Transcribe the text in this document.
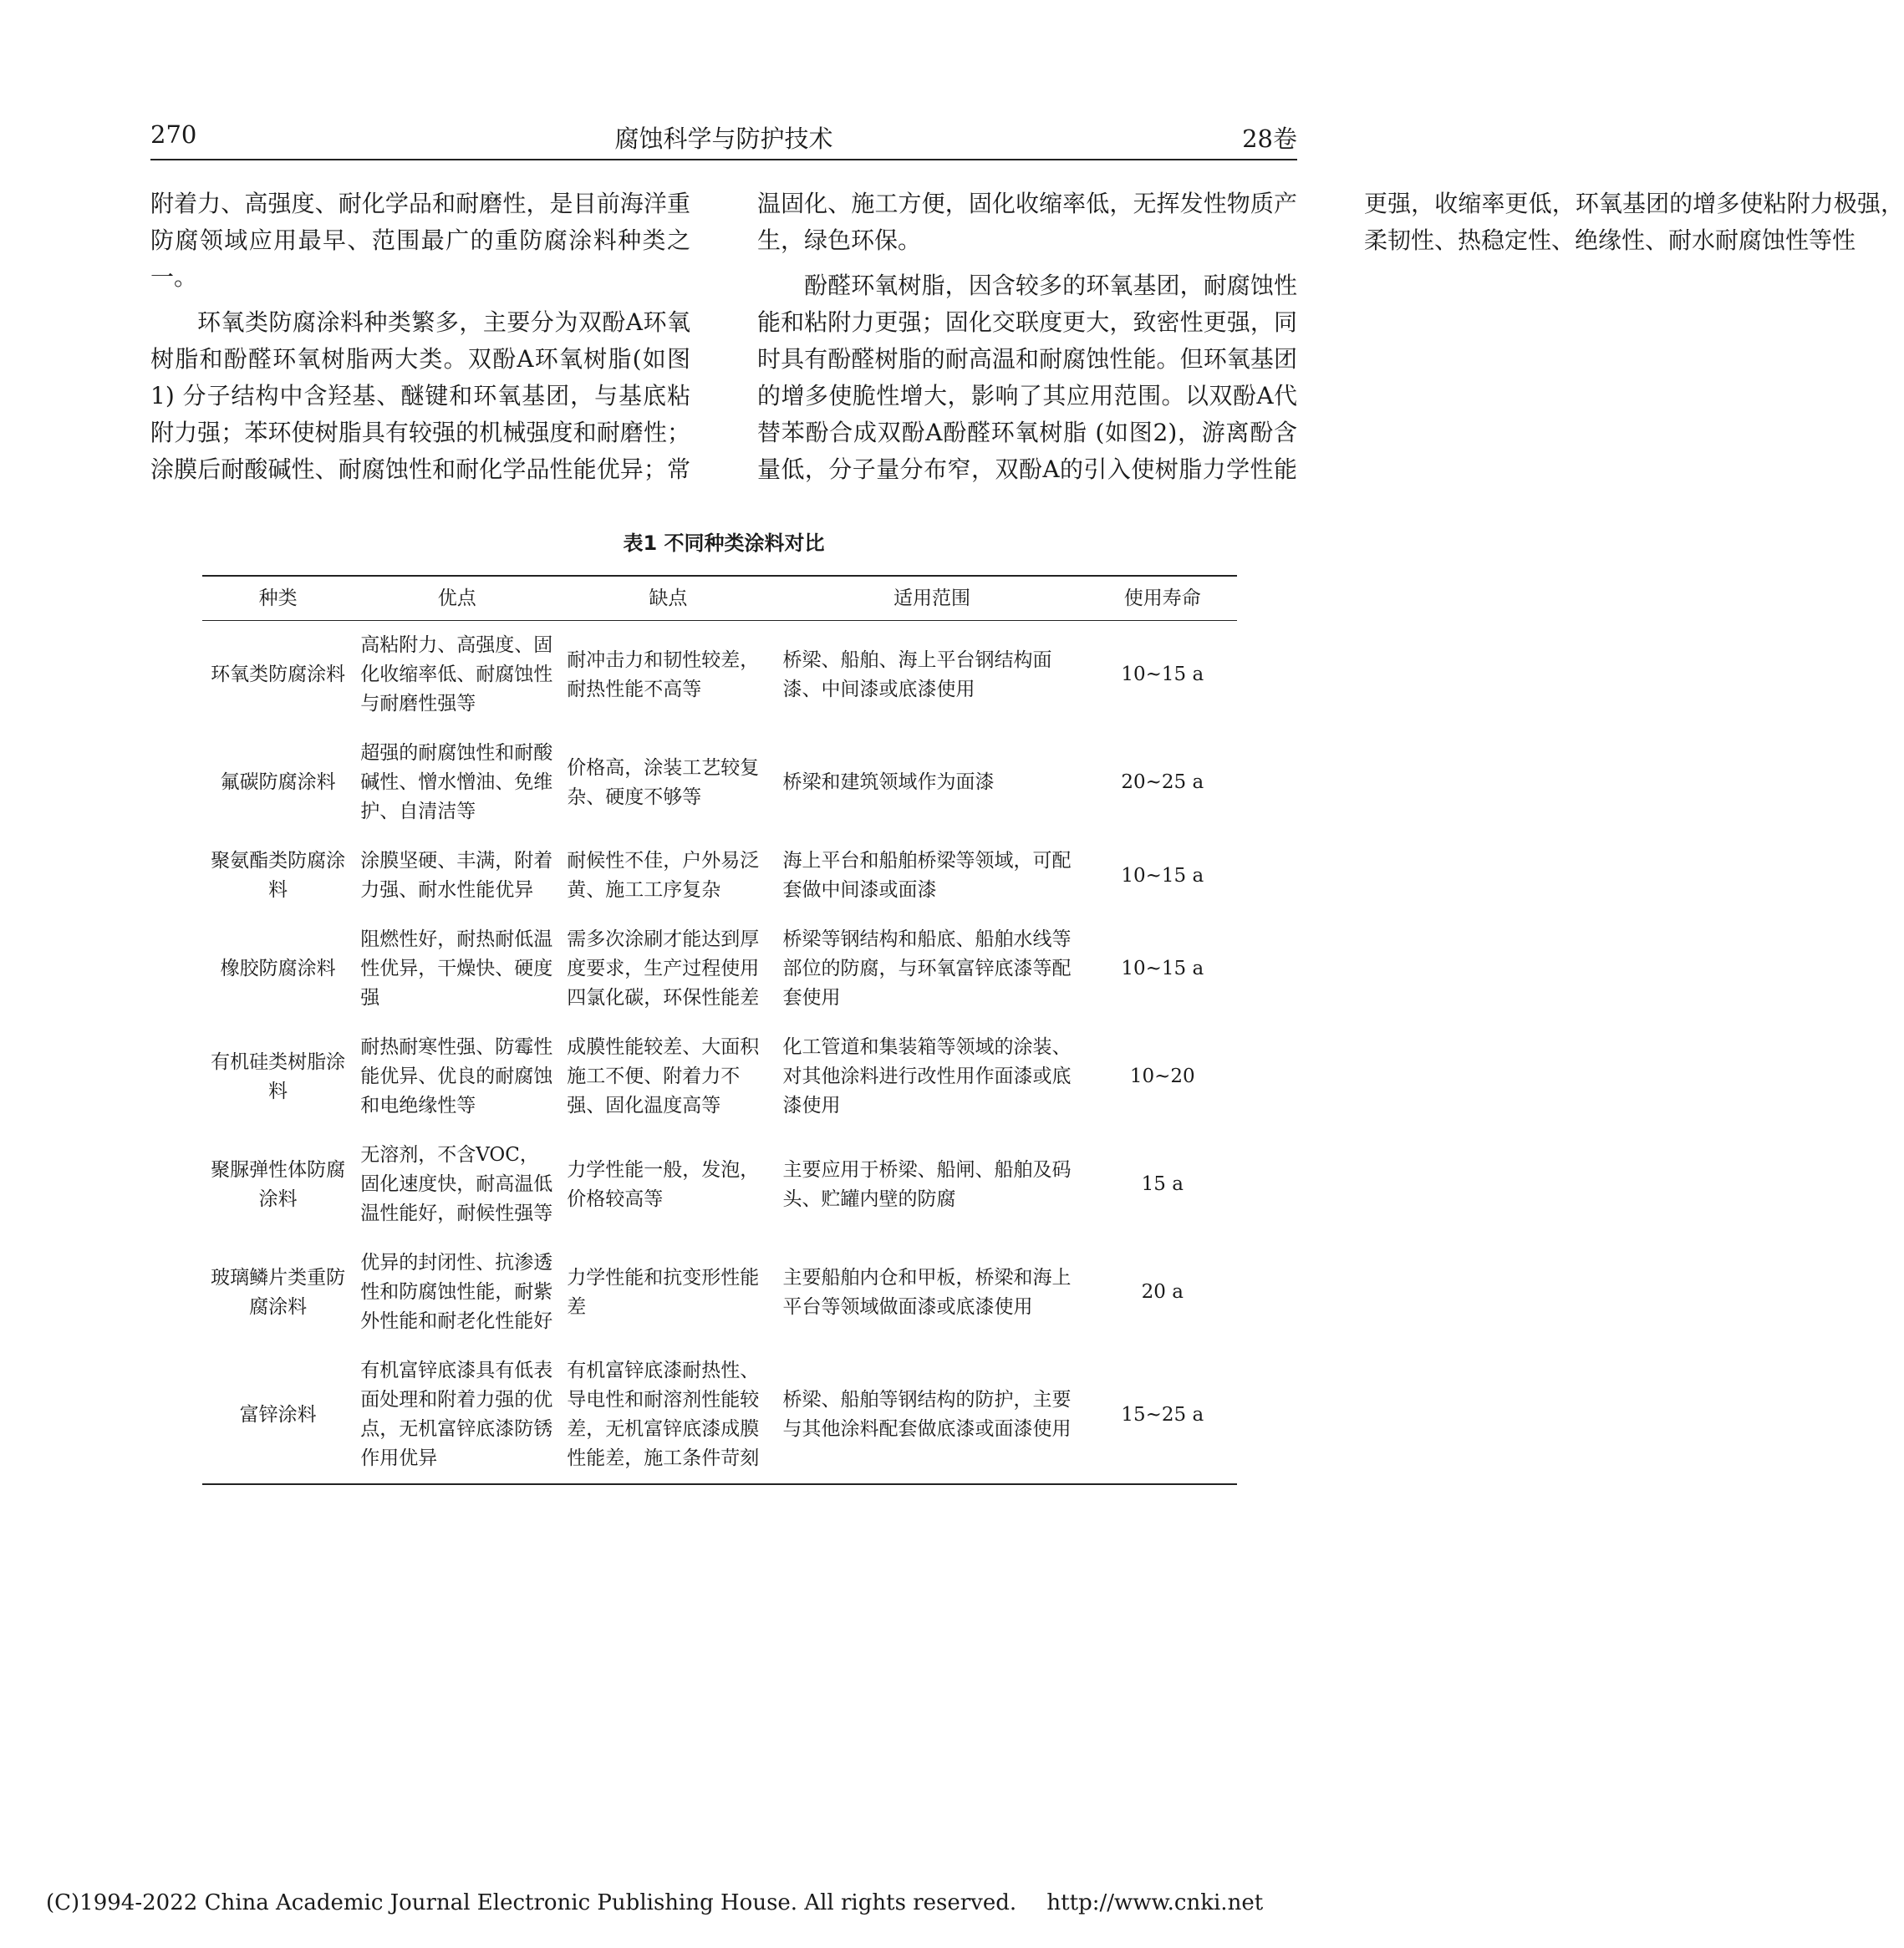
270	腐蚀科学与防护技术	28卷

附着力、高强度、耐化学品和耐磨性，是目前海洋重防腐领域应用最早、范围最广的重防腐涂料种类之一。

环氧类防腐涂料种类繁多，主要分为双酚A环氧树脂和酚醛环氧树脂两大类。双酚A环氧树脂(如图1) 分子结构中含羟基、醚键和环氧基团，与基底粘附力强；苯环使树脂具有较强的机械强度和耐磨性；涂膜后耐酸碱性、耐腐蚀性和耐化学品性能优异；常温固化、施工方便，固化收缩率低，无挥发性物质产生，绿色环保。

酚醛环氧树脂，因含较多的环氧基团，耐腐蚀性能和粘附力更强；固化交联度更大，致密性更强，同时具有酚醛树脂的耐高温和耐腐蚀性能。但环氧基团的增多使脆性增大，影响了其应用范围。以双酚A代替苯酚合成双酚A酚醛环氧树脂 (如图2)，游离酚含量低，分子量分布窄，双酚A的引入使树脂力学性能更强，收缩率更低，环氧基团的增多使粘附力极强，柔韧性、热稳定性、绝缘性、耐水耐腐蚀性等性

表1 不同种类涂料对比
种类	优点	缺点	适用范围	使用寿命
环氧类防腐涂料	高粘附力、高强度、固化收缩率低、耐腐蚀性与耐磨性强等	耐冲击力和韧性较差，耐热性能不高等	桥梁、船舶、海上平台钢结构面漆、中间漆或底漆使用	10~15 a
氟碳防腐涂料	超强的耐腐蚀性和耐酸碱性、憎水憎油、免维护、自清洁等	价格高，涂装工艺较复杂、硬度不够等	桥梁和建筑领域作为面漆	20~25 a
聚氨酯类防腐涂料	涂膜坚硬、丰满，附着力强、耐水性能优异	耐候性不佳，户外易泛黄、施工工序复杂	海上平台和船舶桥梁等领域，可配套做中间漆或面漆	10~15 a
橡胶防腐涂料	阻燃性好，耐热耐低温性优异，干燥快、硬度强	需多次涂刷才能达到厚度要求，生产过程使用四氯化碳，环保性能差	桥梁等钢结构和船底、船舶水线等部位的防腐，与环氧富锌底漆等配套使用	10~15 a
有机硅类树脂涂料	耐热耐寒性强、防霉性能优异、优良的耐腐蚀和电绝缘性等	成膜性能较差、大面积施工不便、附着力不强、固化温度高等	化工管道和集装箱等领域的涂装、对其他涂料进行改性用作面漆或底漆使用	10~20
聚脲弹性体防腐涂料	无溶剂，不含VOC，固化速度快，耐高温低温性能好，耐候性强等	力学性能一般，发泡，价格较高等	主要应用于桥梁、船闸、船舶及码头、贮罐内壁的防腐	15 a
玻璃鳞片类重防腐涂料	优异的封闭性、抗渗透性和防腐蚀性能，耐紫外性能和耐老化性能好	力学性能和抗变形性能差	主要船舶内仓和甲板，桥梁和海上平台等领域做面漆或底漆使用	20 a
富锌涂料	有机富锌底漆具有低表面处理和附着力强的优点，无机富锌底漆防锈作用优异	有机富锌底漆耐热性、导电性和耐溶剂性能较差，无机富锌底漆成膜性能差，施工条件苛刻	桥梁、船舶等钢结构的防护，主要与其他涂料配套做底漆或面漆使用	15~25 a
(C)1994-2022 China Academic Journal Electronic Publishing House. All rights reserved. http://www.cnki.net
